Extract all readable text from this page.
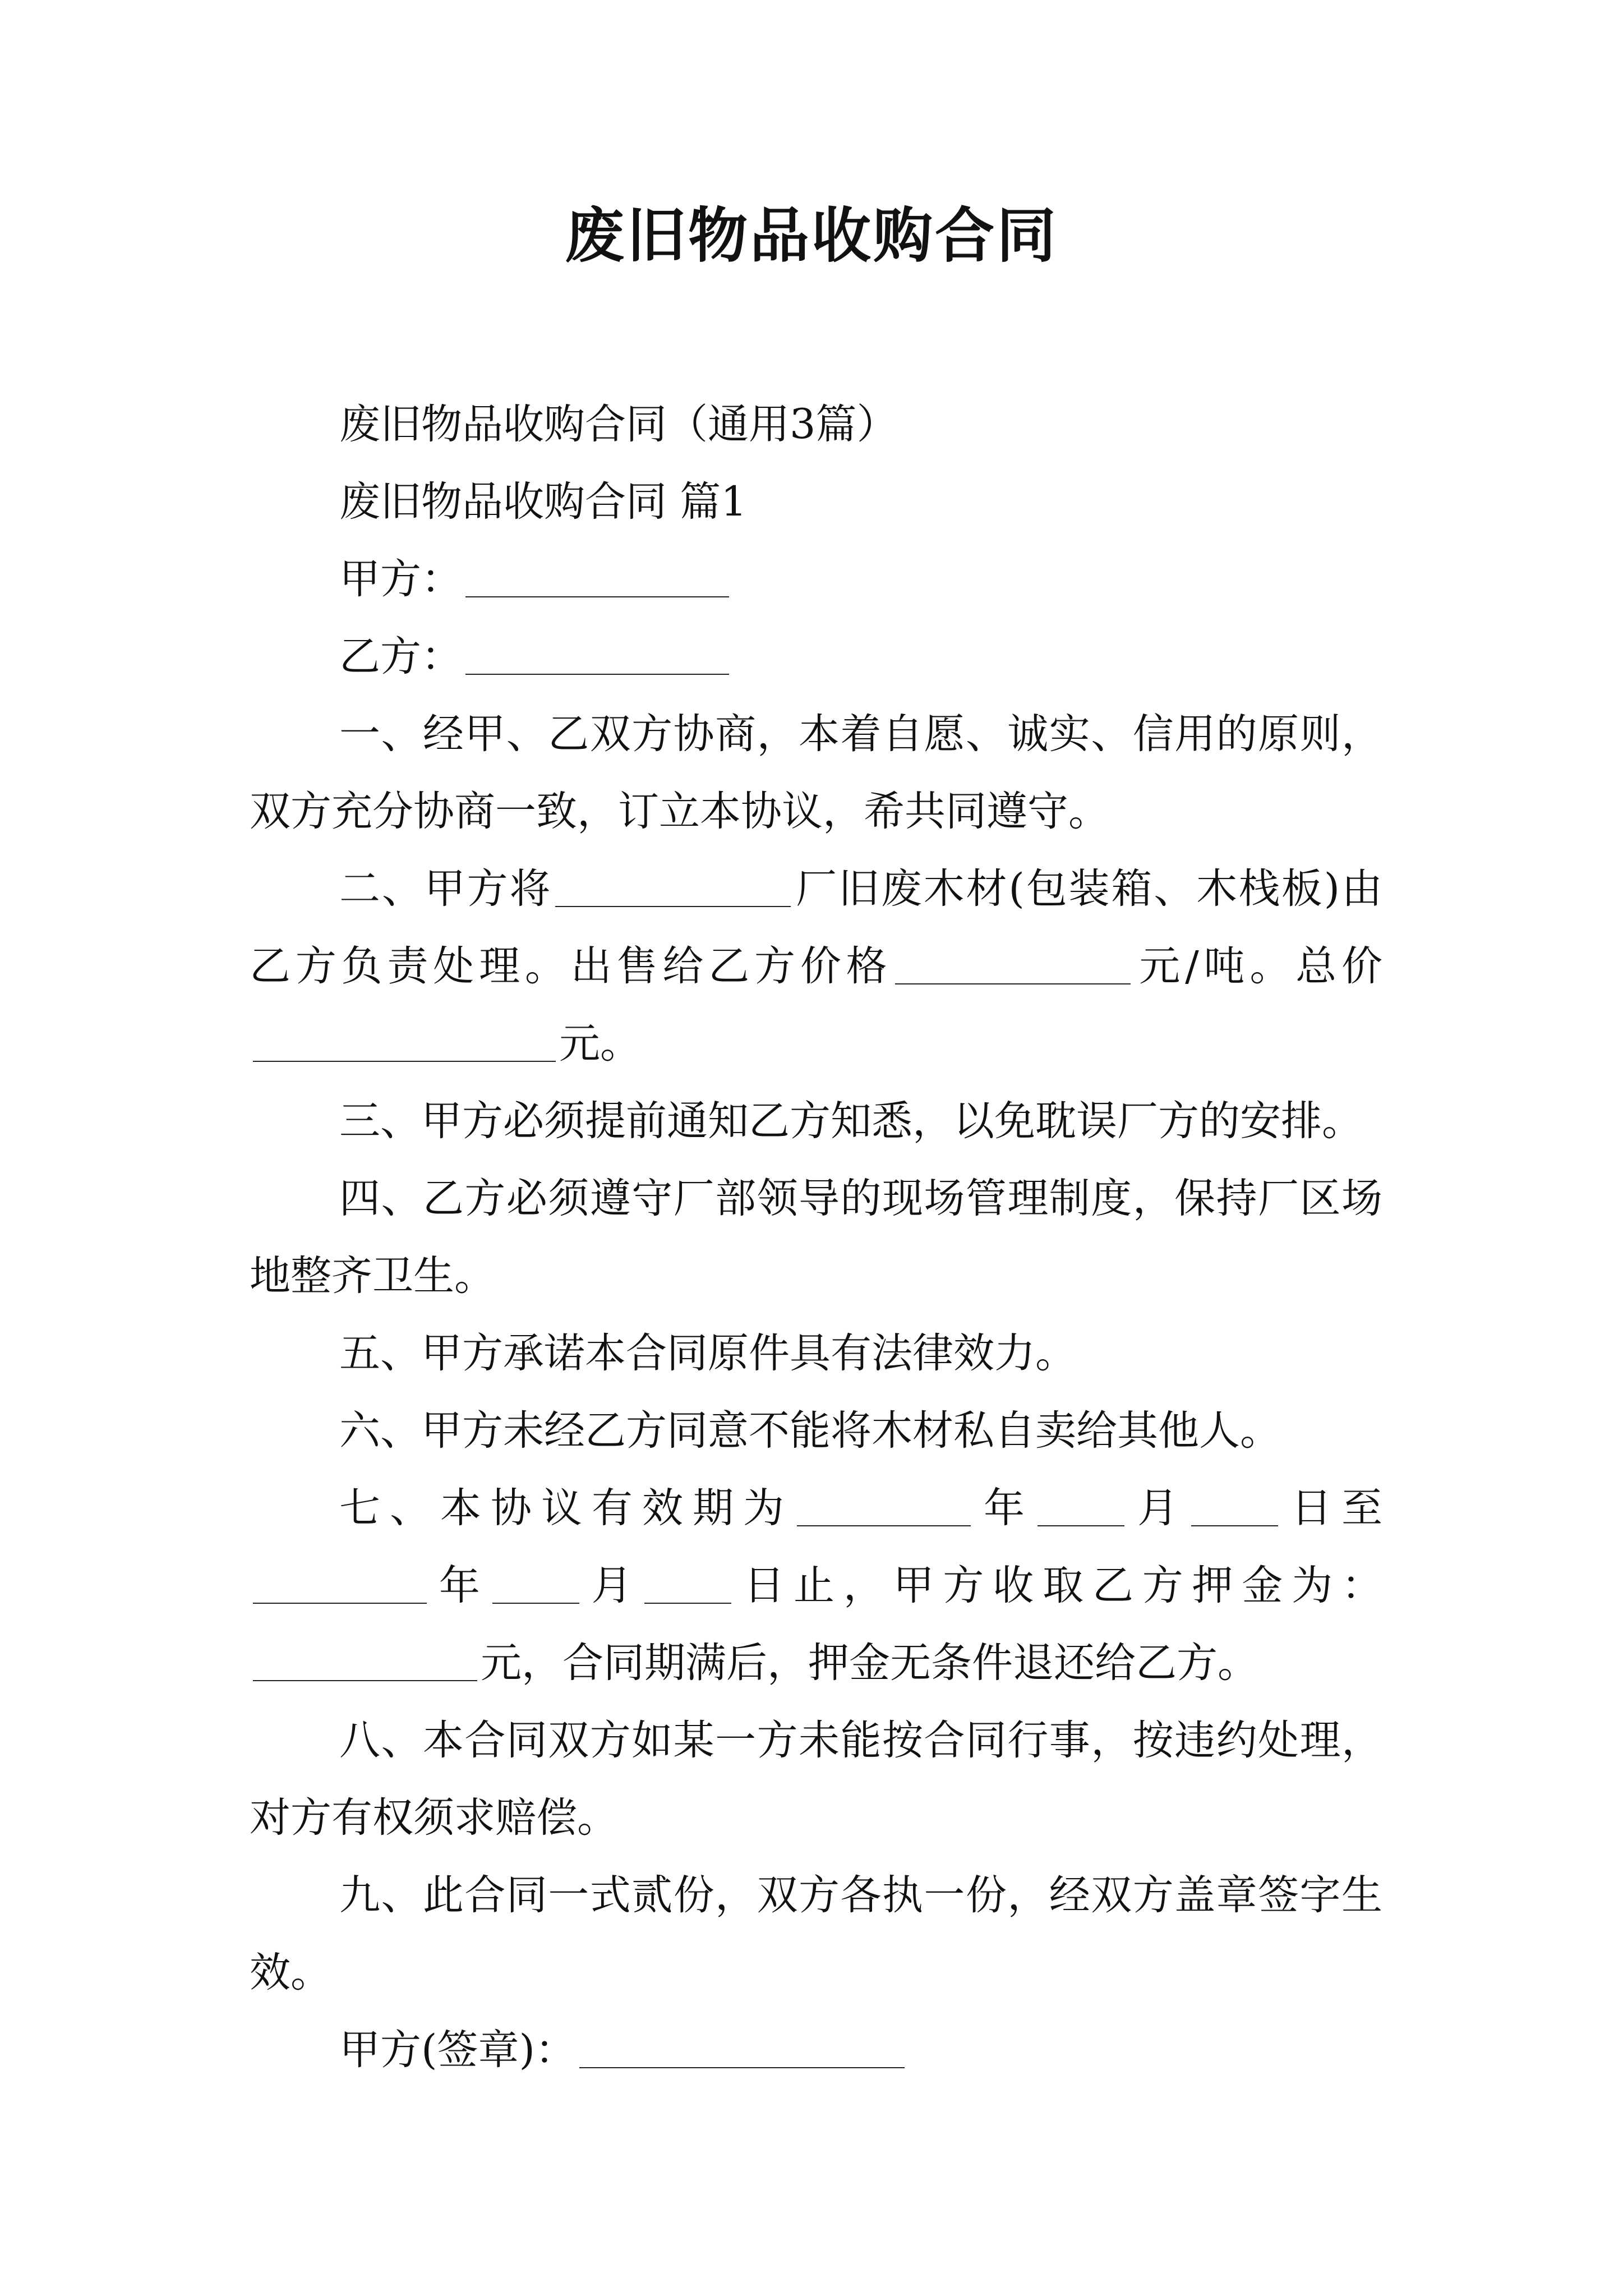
废旧物品收购合同

废旧物品收购合同（通用3篇）

废旧物品收购合同 篇1

甲方：

乙方：

一、经甲、乙双方协商，本着自愿、诚实、信用的原则，双方充分协商一致，订立本协议，希共同遵守。

二、甲方将	厂旧废木材(包装箱、木栈板)由乙方负责处理。出售给乙方价格	元/吨。总价元。

三、甲方必须提前通知乙方知悉，以免耽误厂方的安排。

四、乙方必须遵守厂部领导的现场管理制度，保持厂区场地整齐卫生。

五、甲方承诺本合同原件具有法律效力。

六、甲方未经乙方同意不能将木材私自卖给其他人。

七、本协议有效期为	年 月 日至年 月 日止，甲方收取乙方押金为：元，合同期满后，押金无条件退还给乙方。

八、本合同双方如某一方未能按合同行事，按违约处理，对方有权须求赔偿。

九、此合同一式贰份，双方各执一份，经双方盖章签字生效。

甲方(签章)：
